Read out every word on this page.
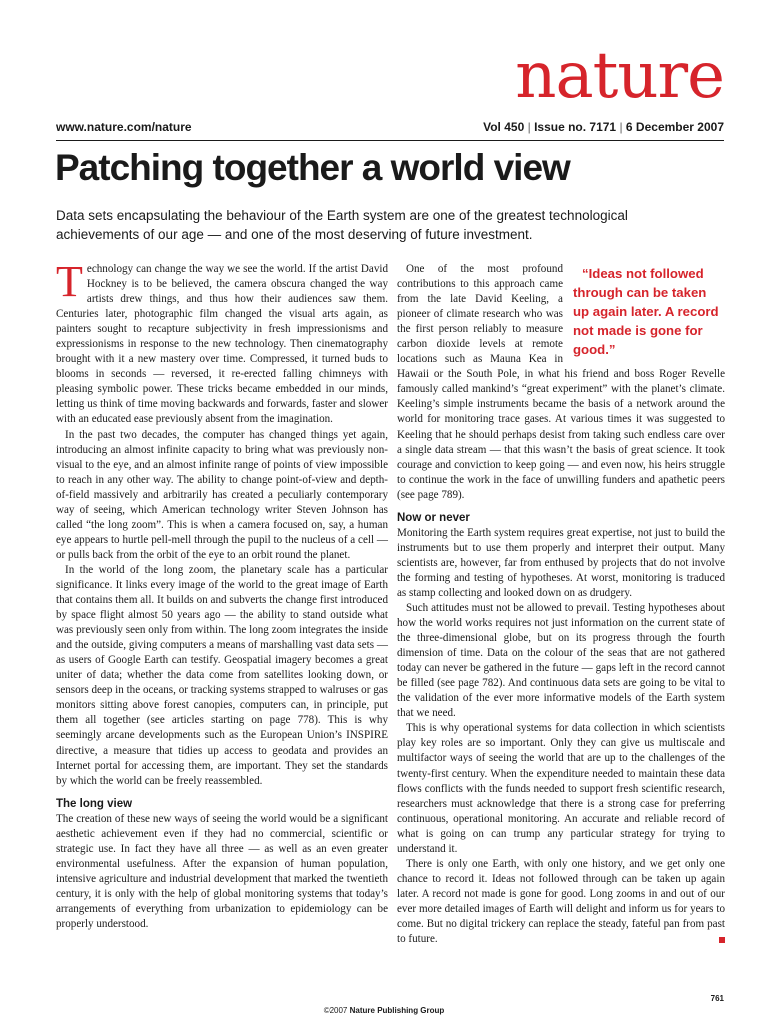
nature
www.nature.com/nature	Vol 450 | Issue no. 7171 | 6 December 2007
Patching together a world view

Data sets encapsulating the behaviour of the Earth system are one of the greatest technological achievements of our age — and one of the most deserving of future investment.

Technology can change the way we see the world. If the artist David Hockney is to be believed, the camera obscura changed the way artists drew things, and thus how their audiences saw them. Centuries later, photographic film changed the visual arts again, as painters sought to recapture subjectivity in fresh impressionisms and expressionisms in response to the new technology. Then cinematography brought with it a new mastery over time. Compressed, it turned buds to blooms in seconds — reversed, it re-erected falling chimneys with pleasing symbolic power. These tricks became embedded in our minds, letting us think of time moving backwards and forwards, faster and slower with an educated ease previously absent from the imagination.

In the past two decades, the computer has changed things yet again, introducing an almost infinite capacity to bring what was previously non-visual to the eye, and an almost infinite range of points of view impossible to reach in any other way. The ability to change point-of-view and depth-of-field massively and arbitrarily has created a peculiarly contemporary way of seeing, which American technology writer Steven Johnson has called “the long zoom”. This is when a camera focused on, say, a human eye appears to hurtle pell-mell through the pupil to the nucleus of a cell — or pulls back from the orbit of the eye to an orbit round the planet.

In the world of the long zoom, the planetary scale has a particular significance. It links every image of the world to the great image of Earth that contains them all. It builds on and subverts the change first introduced by space flight almost 50 years ago — the ability to stand outside what was previously seen only from within. The long zoom integrates the inside and the outside, giving computers a means of marshalling vast data sets — as users of Google Earth can testify. Geospatial imagery becomes a great uniter of data; whether the data come from satellites looking down, or sensors deep in the oceans, or tracking systems strapped to walruses or gas monitors sitting above forest canopies, computers can, in principle, put them all together (see articles starting on page 778). This is why seemingly arcane developments such as the European Union’s INSPIRE directive, a measure that tidies up access to geodata and provides an Internet portal for accessing them, are important. They set the standards by which the world can be freely reassembled.

The long view

The creation of these new ways of seeing the world would be a significant aesthetic achievement even if they had no commercial, scientific or strategic use. In fact they have all three — as well as an even greater environmental usefulness. After the expansion of human population, intensive agriculture and industrial development that marked the twentieth century, it is only with the help of global monitoring systems that today’s arrangements of everything from urbanization to epidemiology can be properly understood.

“Ideas not followed through can be taken up again later. A record not made is gone for good.”
One of the most profound contributions to this approach came from the late David Keeling, a pioneer of climate research who was the first person reliably to measure carbon dioxide levels at remote locations such as Mauna Kea in Hawaii or the South Pole, in what his friend and boss Roger Revelle famously called mankind’s “great experiment” with the planet’s climate. Keeling’s simple instruments became the basis of a network around the world for monitoring trace gases. At various times it was suggested to Keeling that he should perhaps desist from taking such endless care over a single data stream — that this wasn’t the basis of great science. It took courage and conviction to keep going — and even now, his heirs struggle to continue the work in the face of unwilling funders and apathetic peers (see page 789).

Now or never

Monitoring the Earth system requires great expertise, not just to build the instruments but to use them properly and interpret their output. Many scientists are, however, far from enthused by projects that do not involve the forming and testing of hypotheses. At worst, monitoring is traduced as stamp collecting and looked down on as drudgery.

Such attitudes must not be allowed to prevail. Testing hypotheses about how the world works requires not just information on the current state of the three-dimensional globe, but on its progress through the fourth dimension of time. Data on the colour of the seas that are not gathered today can never be gathered in the future — gaps left in the record cannot be filled (see page 782). And continuous data sets are going to be vital to the validation of the ever more informative models of the Earth system that we need.

This is why operational systems for data collection in which scientists play key roles are so important. Only they can give us multiscale and multifactor ways of seeing the world that are up to the challenges of the twenty-first century. When the expenditure needed to maintain these data flows conflicts with the funds needed to support fresh scientific research, researchers must acknowledge that there is a strong case for preferring continuous, operational monitoring. An accurate and reliable record of what is going on can trump any particular strategy for trying to understand it.

There is only one Earth, with only one history, and we get only one chance to record it. Ideas not followed through can be taken up again later. A record not made is gone for good. Long zooms in and out of our ever more detailed images of Earth will delight and inform us for years to come. But no digital trickery can replace the steady, fateful pan from past to future.

761
©2007 Nature Publishing Group
